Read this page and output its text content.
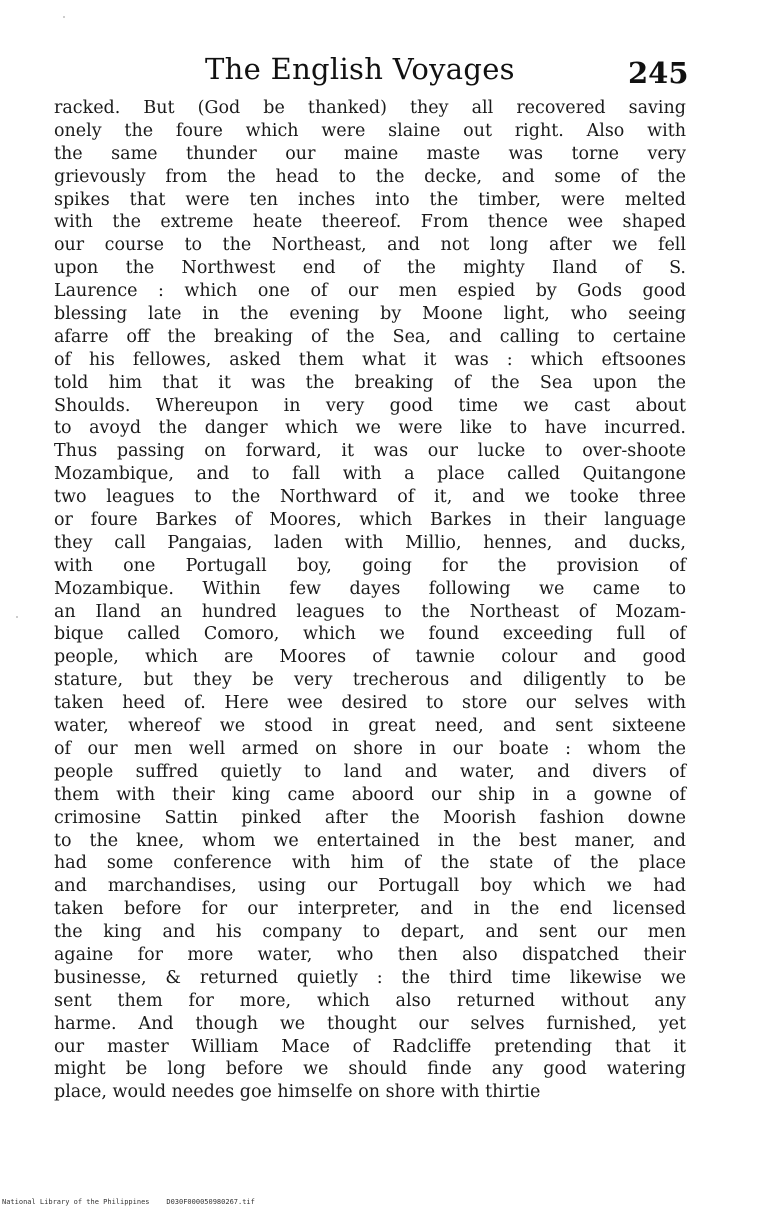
The English Voyages	245
racked. But (God be thanked) they all recovered saving
onely the foure which were slaine out right. Also with
the same thunder our maine maste was torne very
grievously from the head to the decke, and some of the
spikes that were ten inches into the timber, were melted
with the extreme heate theereof. From thence wee shaped
our course to the Northeast, and not long after we fell
upon the Northwest end of the mighty Iland of S.
Laurence : which one of our men espied by Gods good
blessing late in the evening by Moone light, who seeing
afarre off the breaking of the Sea, and calling to certaine
of his fellowes, asked them what it was : which eftsoones
told him that it was the breaking of the Sea upon the
Shoulds. Whereupon in very good time we cast about
to avoyd the danger which we were like to have incurred.
Thus passing on forward, it was our lucke to over-shoote
Mozambique, and to fall with a place called Quitangone
two leagues to the Northward of it, and we tooke three
or foure Barkes of Moores, which Barkes in their language
they call Pangaias, laden with Millio, hennes, and ducks,
with one Portugall boy, going for the provision of
Mozambique. Within few dayes following we came to
an Iland an hundred leagues to the Northeast of Mozam-
bique called Comoro, which we found exceeding full of
people, which are Moores of tawnie colour and good
stature, but they be very trecherous and diligently to be
taken heed of. Here wee desired to store our selves with
water, whereof we stood in great need, and sent sixteene
of our men well armed on shore in our boate : whom the
people suffred quietly to land and water, and divers of
them with their king came aboord our ship in a gowne of
crimosine Sattin pinked after the Moorish fashion downe
to the knee, whom we entertained in the best maner, and
had some conference with him of the state of the place
and marchandises, using our Portugall boy which we had
taken before for our interpreter, and in the end licensed
the king and his company to depart, and sent our men
againe for more water, who then also dispatched their
businesse, & returned quietly : the third time likewise we
sent them for more, which also returned without any
harme. And though we thought our selves furnished, yet
our master William Mace of Radcliffe pretending that it
might be long before we should finde any good watering
place, would needes goe himselfe on shore with thirtie
National Library of the Philippines    D030F000050980267.tif
